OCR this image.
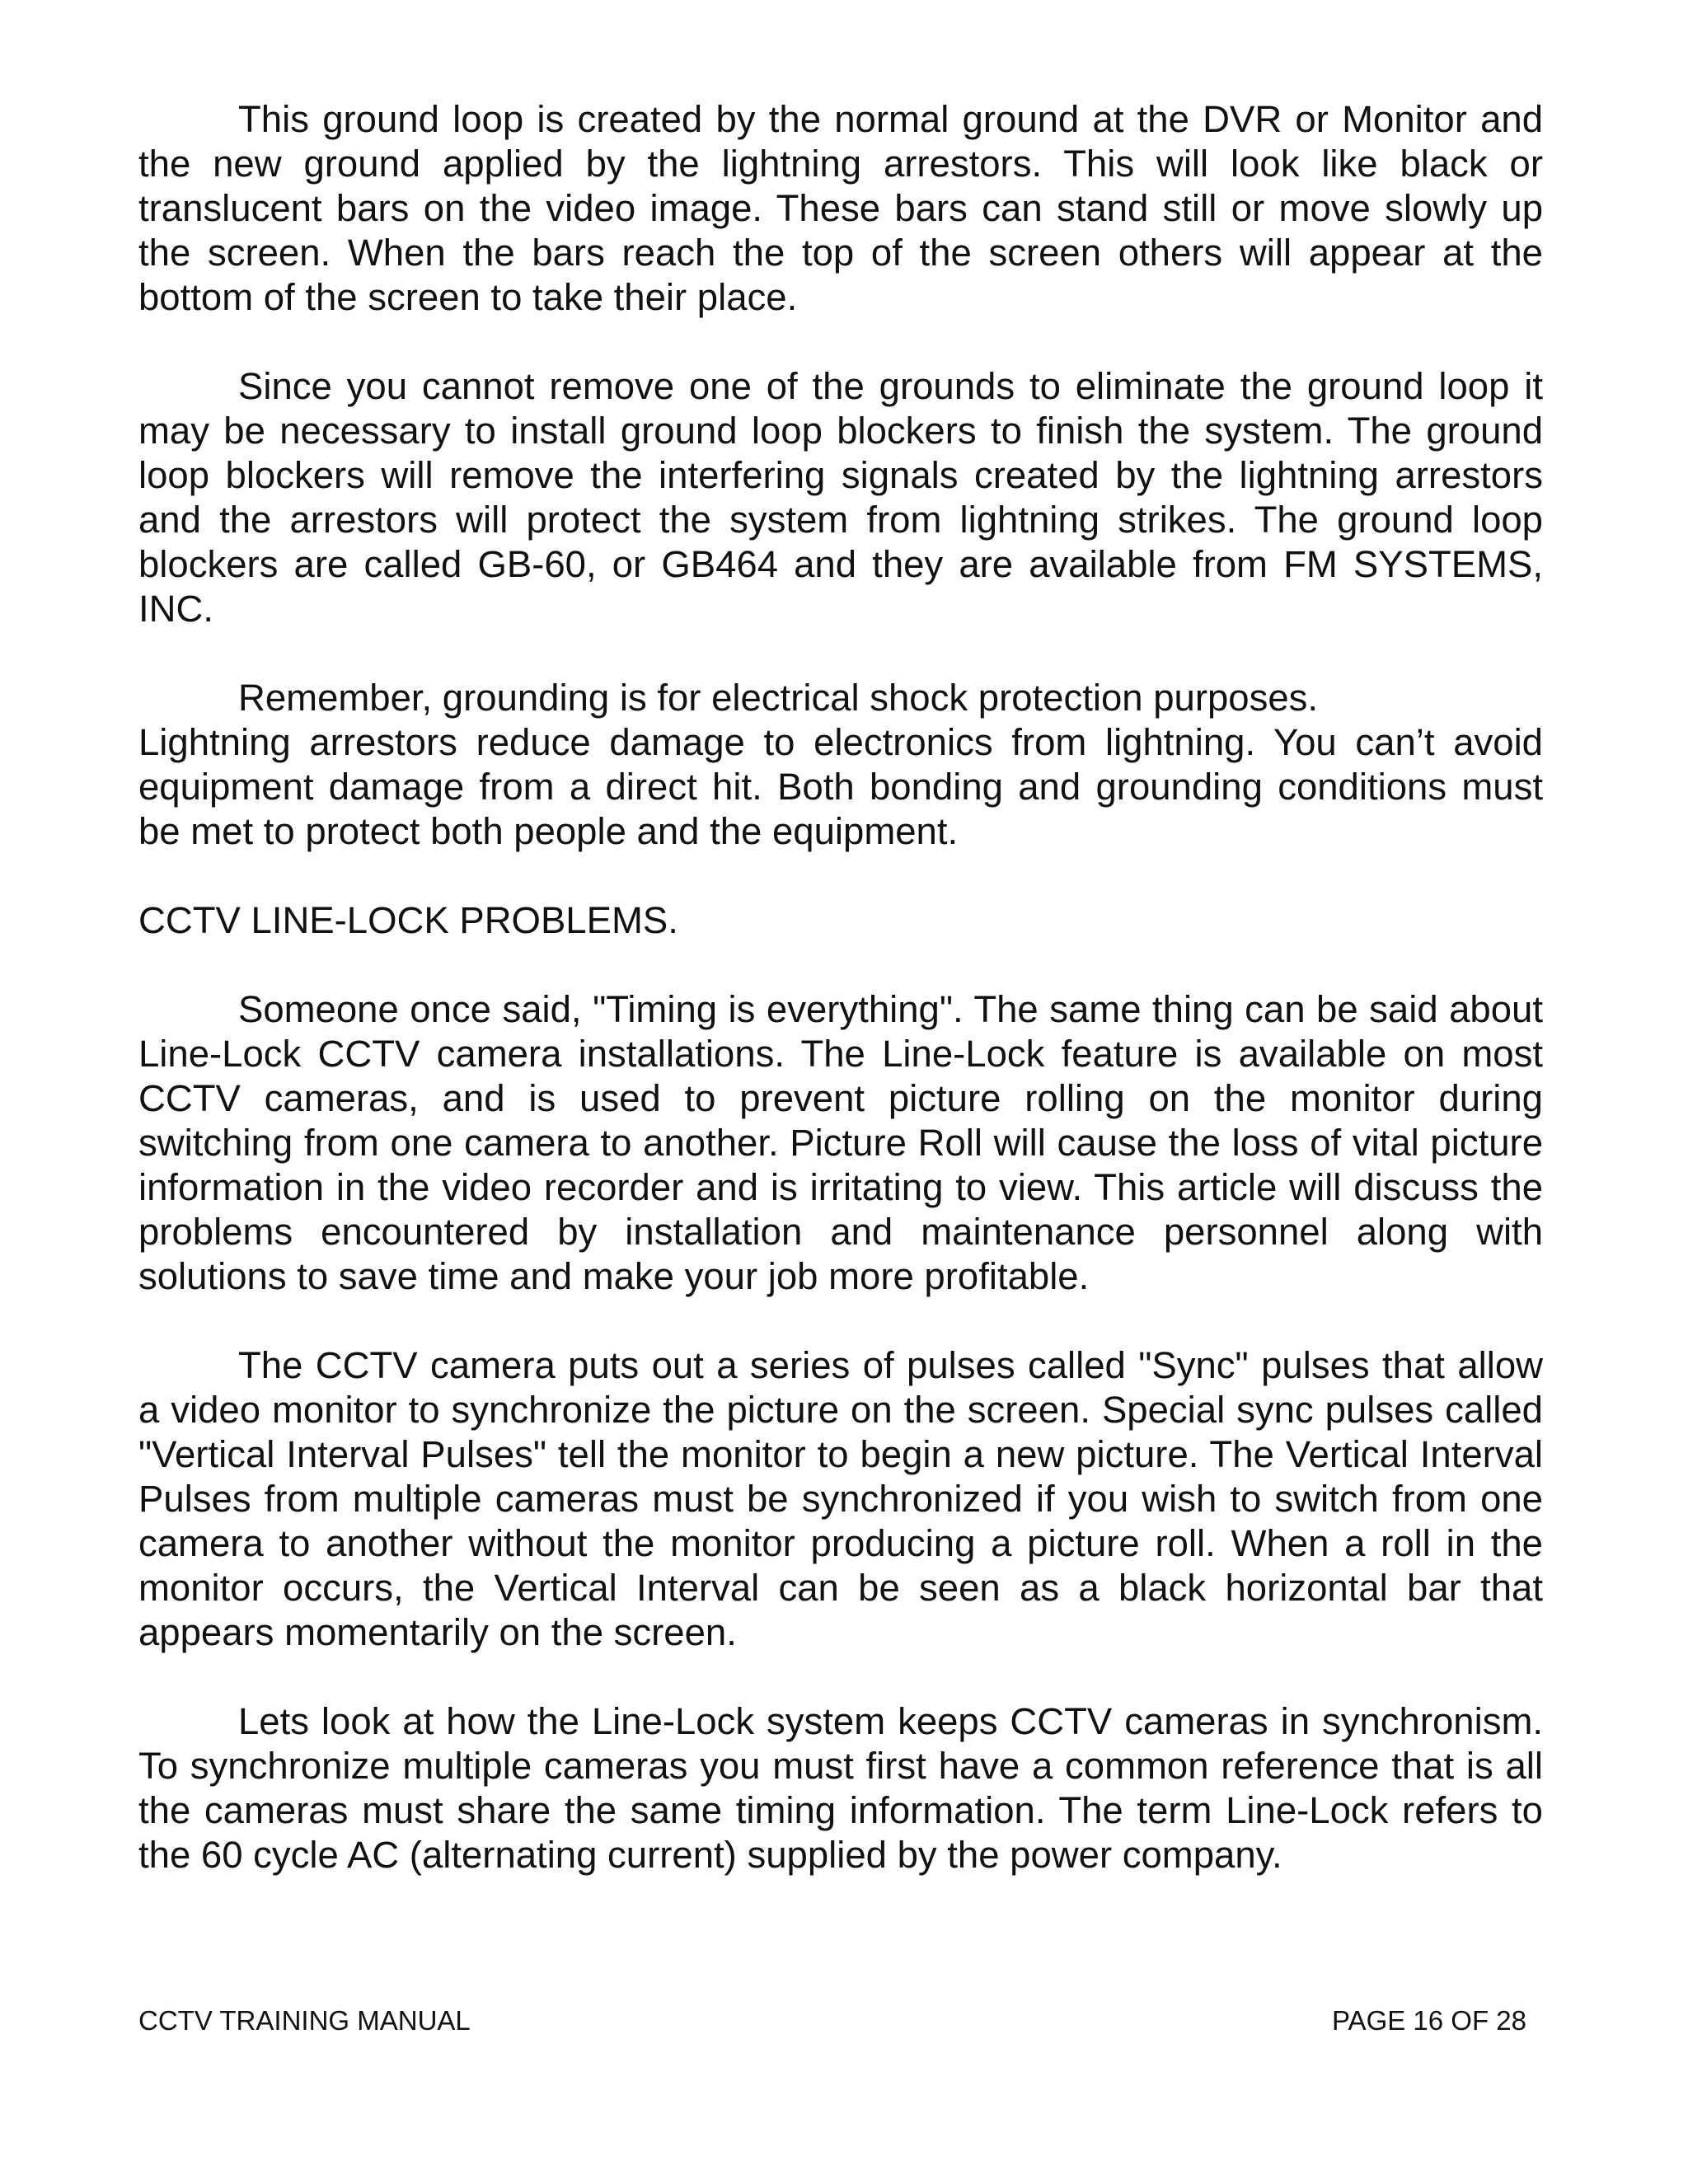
This ground loop is created by the normal ground at the DVR or Monitor and the new ground applied by the lightning arrestors. This will look like black or translucent bars on the video image. These bars can stand still or move slowly up the screen. When the bars reach the top of the screen others will appear at the bottom of the screen to take their place.

Since you cannot remove one of the grounds to eliminate the ground loop it may be necessary to install ground loop blockers to finish the system. The ground loop blockers will remove the interfering signals created by the lightning arrestors and the arrestors will protect the system from lightning strikes. The ground loop blockers are called GB-60, or GB464 and they are available from FM SYSTEMS, INC.

Remember, grounding is for electrical shock protection purposes.

Lightning arrestors reduce damage to electronics from lightning. You can’t avoid equipment damage from a direct hit. Both bonding and grounding conditions must be met to protect both people and the equipment.

CCTV LINE-LOCK PROBLEMS.

Someone once said, "Timing is everything". The same thing can be said about Line-Lock CCTV camera installations. The Line-Lock feature is available on most CCTV cameras, and is used to prevent picture rolling on the monitor during switching from one camera to another. Picture Roll will cause the loss of vital picture information in the video recorder and is irritating to view. This article will discuss the problems encountered by installation and maintenance personnel along with solutions to save time and make your job more profitable.

The CCTV camera puts out a series of pulses called "Sync" pulses that allow a video monitor to synchronize the picture on the screen. Special sync pulses called "Vertical Interval Pulses" tell the monitor to begin a new picture. The Vertical Interval Pulses from multiple cameras must be synchronized if you wish to switch from one camera to another without the monitor producing a picture roll. When a roll in the monitor occurs, the Vertical Interval can be seen as a black horizontal bar that appears momentarily on the screen.

Lets look at how the Line-Lock system keeps CCTV cameras in synchronism. To synchronize multiple cameras you must first have a common reference that is all the cameras must share the same timing information. The term Line-Lock refers to the 60 cycle AC (alternating current) supplied by the power company.

CCTV TRAINING MANUAL	PAGE 16 OF 28
